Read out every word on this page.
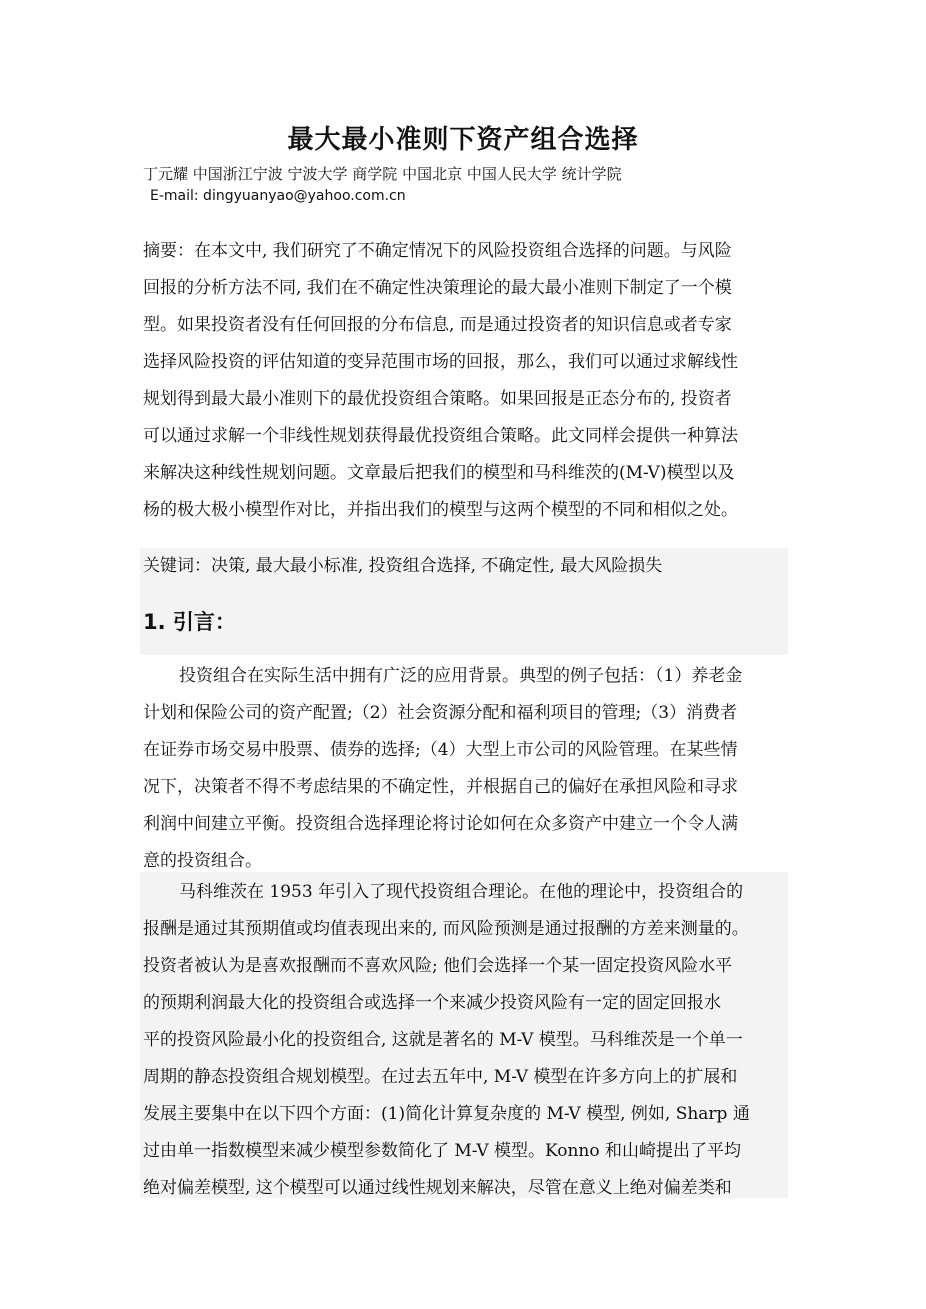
最大最小准则下资产组合选择
丁元耀 中国浙江宁波 宁波大学 商学院 中国北京 中国人民大学 统计学院
E-mail: dingyuanyao@yahoo.com.cn
摘要：在本文中, 我们研究了不确定情况下的风险投资组合选择的问题。与风险
回报的分析方法不同, 我们在不确定性决策理论的最大最小准则下制定了一个模
型。如果投资者没有任何回报的分布信息, 而是通过投资者的知识信息或者专家
选择风险投资的评估知道的变异范围市场的回报，那么，我们可以通过求解线性
规划得到最大最小准则下的最优投资组合策略。如果回报是正态分布的, 投资者
可以通过求解一个非线性规划获得最优投资组合策略。此文同样会提供一种算法
来解决这种线性规划问题。文章最后把我们的模型和马科维茨的(M-V)模型以及
杨的极大极小模型作对比，并指出我们的模型与这两个模型的不同和相似之处。
关键词：决策, 最大最小标准, 投资组合选择, 不确定性, 最大风险损失
1. 引言：
投资组合在实际生活中拥有广泛的应用背景。典型的例子包括：（1）养老金
计划和保险公司的资产配置;（2）社会资源分配和福利项目的管理;（3）消费者
在证券市场交易中股票、债券的选择;（4）大型上市公司的风险管理。在某些情
况下，决策者不得不考虑结果的不确定性，并根据自己的偏好在承担风险和寻求
利润中间建立平衡。投资组合选择理论将讨论如何在众多资产中建立一个令人满
意的投资组合。
马科维茨在 1953 年引入了现代投资组合理论。在他的理论中，投资组合的
报酬是通过其预期值或均值表现出来的, 而风险预测是通过报酬的方差来测量的。
投资者被认为是喜欢报酬而不喜欢风险; 他们会选择一个某一固定投资风险水平
的预期利润最大化的投资组合或选择一个来减少投资风险有一定的固定回报水
平的投资风险最小化的投资组合, 这就是著名的 M-V 模型。马科维茨是一个单一
周期的静态投资组合规划模型。在过去五年中, M-V 模型在许多方向上的扩展和
发展主要集中在以下四个方面：(1)简化计算复杂度的 M-V 模型, 例如, Sharp 通
过由单一指数模型来减少模型参数简化了 M-V 模型。Konno 和山崎提出了平均
绝对偏差模型, 这个模型可以通过线性规划来解决，尽管在意义上绝对偏差类和
